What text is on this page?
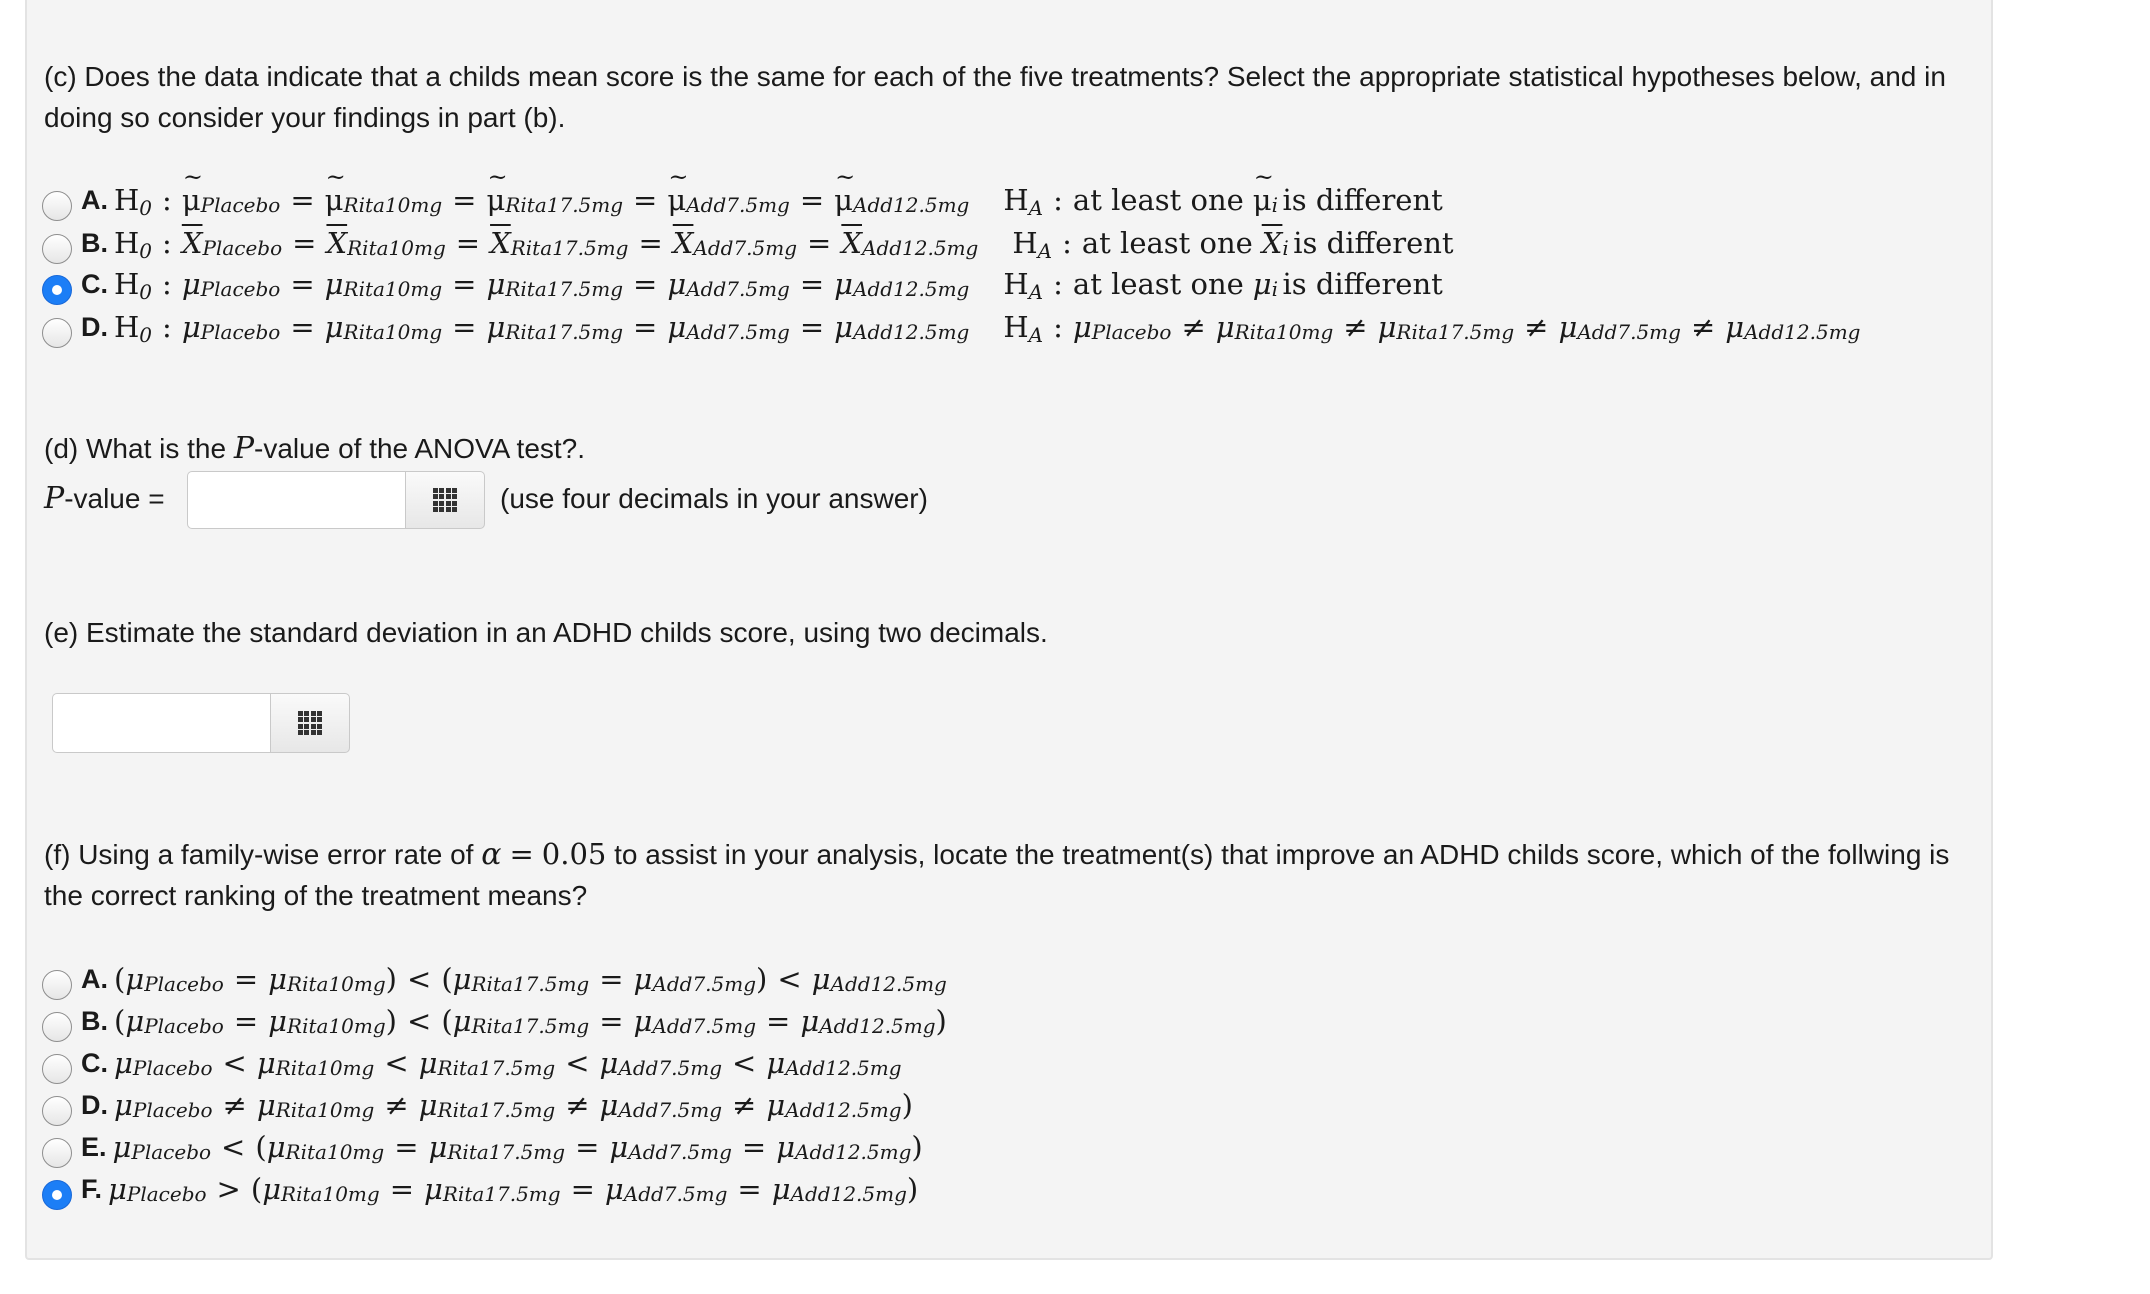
(c) Does the data indicate that a childs mean score is the same for each of the five treatments? Select the appropriate statistical hypotheses below, and in
doing so consider your findings in part (b).
A. H0 : ~ μ Placebo = ~ μ Rita10mg = ~ μ Rita17.5mg = ~ μ Add7.5mg = ~ μ Add12.5mg HA : at least one
~ μ i
is different
B. H0 : $\overline{X}$ Placebo = $\overline{X}$ Rita10mg = $\overline{X}$ Rita17.5mg = $\overline{X}$ $Add7.5mg = \overline{X}$ Add12.5mg HA : at least one
$\overline{X}$ i
is different
C. H0 : μ Placebo = μ Rita10mg = μ Rita17.5mg = μ Add7.5mg = μ Add12.5mg HA : at least one
μ i
is different
D. H0 : μ Placebo = μ Rita10mg = μ Rita17.5mg = μ Add7.5mg = μ Add12.5mg HA : μ Placebo ≠ μ Rita10mg ≠ μ Rita17.5mg ≠ μ Add7.5mg ≠ μ Add12.5mg
(d) What is the P-value of the ANOVA test?.
P-value =	(use four decimals in your answer)
(e) Estimate the standard deviation in an ADHD childs score, using two decimals.
(f) Using a family-wise error rate of α = 0.05 to assist in your analysis, locate the treatment(s) that improve an ADHD childs score, which of the follwing is
the correct ranking of the treatment means?
A. ( μ Placebo = μ Rita10mg ) < ( μ Rita17.5mg = μ Add7.5mg ) < μ Add12.5mg
B. ( μ Placebo = μ Rita10mg ) < ( μ Rita17.5mg = μ Add7.5mg = μ Add12.5mg )
C. μ Placebo < μ Rita10mg < μ Rita17.5mg < μ Add7.5mg < μ Add12.5mg
D. μ Placebo ≠ μ Rita10mg ≠ μ Rita17.5mg ≠ μ Add7.5mg ≠ μ Add12.5mg )
E. μ Placebo < ( μ Rita10mg = μ Rita17.5mg = μ Add7.5mg = μ Add12.5mg )
F. μ Placebo > ( μ Rita10mg = μ Rita17.5mg = μ Add7.5mg = μ Add12.5mg )
